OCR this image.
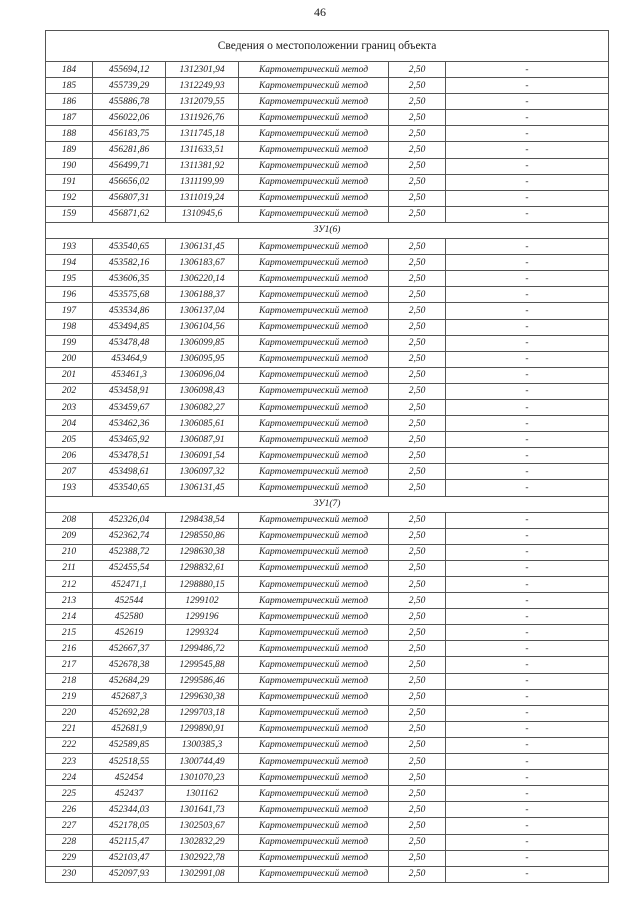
46
Сведения о местоположении границ объекта					
184	455694,12	1312301,94	Картометрический метод	2,50	-
185	455739,29	1312249,93	Картометрический метод	2,50	-
186	455886,78	1312079,55	Картометрический метод	2,50	-
187	456022,06	1311926,76	Картометрический метод	2,50	-
188	456183,75	1311745,18	Картометрический метод	2,50	-
189	456281,86	1311633,51	Картометрический метод	2,50	-
190	456499,71	1311381,92	Картометрический метод	2,50	-
191	456656,02	1311199,99	Картометрический метод	2,50	-
192	456807,31	1311019,24	Картометрический метод	2,50	-
159	456871,62	1310945,6	Картометрический метод	2,50	-
ЗУ1(6)					
193	453540,65	1306131,45	Картометрический метод	2,50	-
194	453582,16	1306183,67	Картометрический метод	2,50	-
195	453606,35	1306220,14	Картометрический метод	2,50	-
196	453575,68	1306188,37	Картометрический метод	2,50	-
197	453534,86	1306137,04	Картометрический метод	2,50	-
198	453494,85	1306104,56	Картометрический метод	2,50	-
199	453478,48	1306099,85	Картометрический метод	2,50	-
200	453464,9	1306095,95	Картометрический метод	2,50	-
201	453461,3	1306096,04	Картометрический метод	2,50	-
202	453458,91	1306098,43	Картометрический метод	2,50	-
203	453459,67	1306082,27	Картометрический метод	2,50	-
204	453462,36	1306085,61	Картометрический метод	2,50	-
205	453465,92	1306087,91	Картометрический метод	2,50	-
206	453478,51	1306091,54	Картометрический метод	2,50	-
207	453498,61	1306097,32	Картометрический метод	2,50	-
193	453540,65	1306131,45	Картометрический метод	2,50	-
ЗУ1(7)					
208	452326,04	1298438,54	Картометрический метод	2,50	-
209	452362,74	1298550,86	Картометрический метод	2,50	-
210	452388,72	1298630,38	Картометрический метод	2,50	-
211	452455,54	1298832,61	Картометрический метод	2,50	-
212	452471,1	1298880,15	Картометрический метод	2,50	-
213	452544	1299102	Картометрический метод	2,50	-
214	452580	1299196	Картометрический метод	2,50	-
215	452619	1299324	Картометрический метод	2,50	-
216	452667,37	1299486,72	Картометрический метод	2,50	-
217	452678,38	1299545,88	Картометрический метод	2,50	-
218	452684,29	1299586,46	Картометрический метод	2,50	-
219	452687,3	1299630,38	Картометрический метод	2,50	-
220	452692,28	1299703,18	Картометрический метод	2,50	-
221	452681,9	1299890,91	Картометрический метод	2,50	-
222	452589,85	1300385,3	Картометрический метод	2,50	-
223	452518,55	1300744,49	Картометрический метод	2,50	-
224	452454	1301070,23	Картометрический метод	2,50	-
225	452437	1301162	Картометрический метод	2,50	-
226	452344,03	1301641,73	Картометрический метод	2,50	-
227	452178,05	1302503,67	Картометрический метод	2,50	-
228	452115,47	1302832,29	Картометрический метод	2,50	-
229	452103,47	1302922,78	Картометрический метод	2,50	-
230	452097,93	1302991,08	Картометрический метод	2,50	-
